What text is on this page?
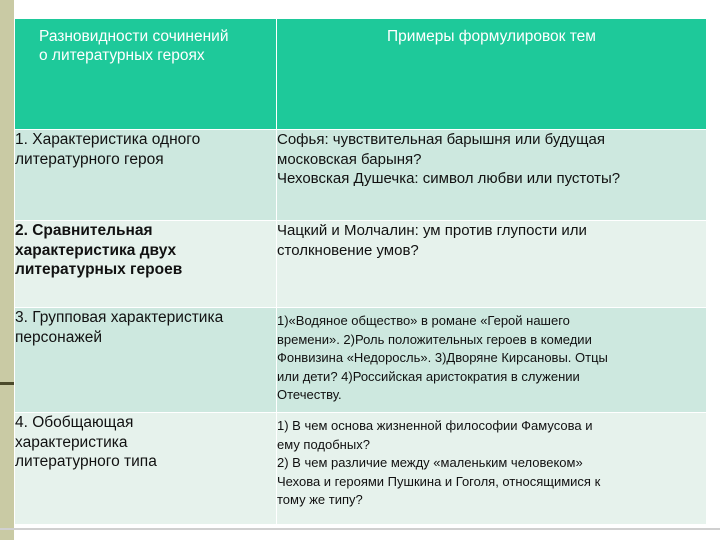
Разновидности сочинений
о литературных героях	Примеры формулировок тем

1. Характеристика одного
литературного героя	Софья: чувствительная барышня или будущая
московская барыня?
Чеховская Душечка: символ любви или пустоты?

2. Сравнительная
характеристика двух
литературных героев	Чацкий и Молчалин: ум против глупости или
столкновение умов?

3. Групповая характеристика
персонажей	1)«Водяное общество» в романе «Герой нашего
времени». 2)Роль положительных героев в комедии
Фонвизина «Недоросль». 3)Дворяне Кирсановы. Отцы
или дети? 4)Российская аристократия в служении
Отечеству.

4. Обобщающая
характеристика
литературного типа	1) В чем основа жизненной философии Фамусова и
ему подобных?
2) В чем различие между «маленьким человеком»
Чехова и героями Пушкина и Гоголя, относящимися к
тому же типу?
